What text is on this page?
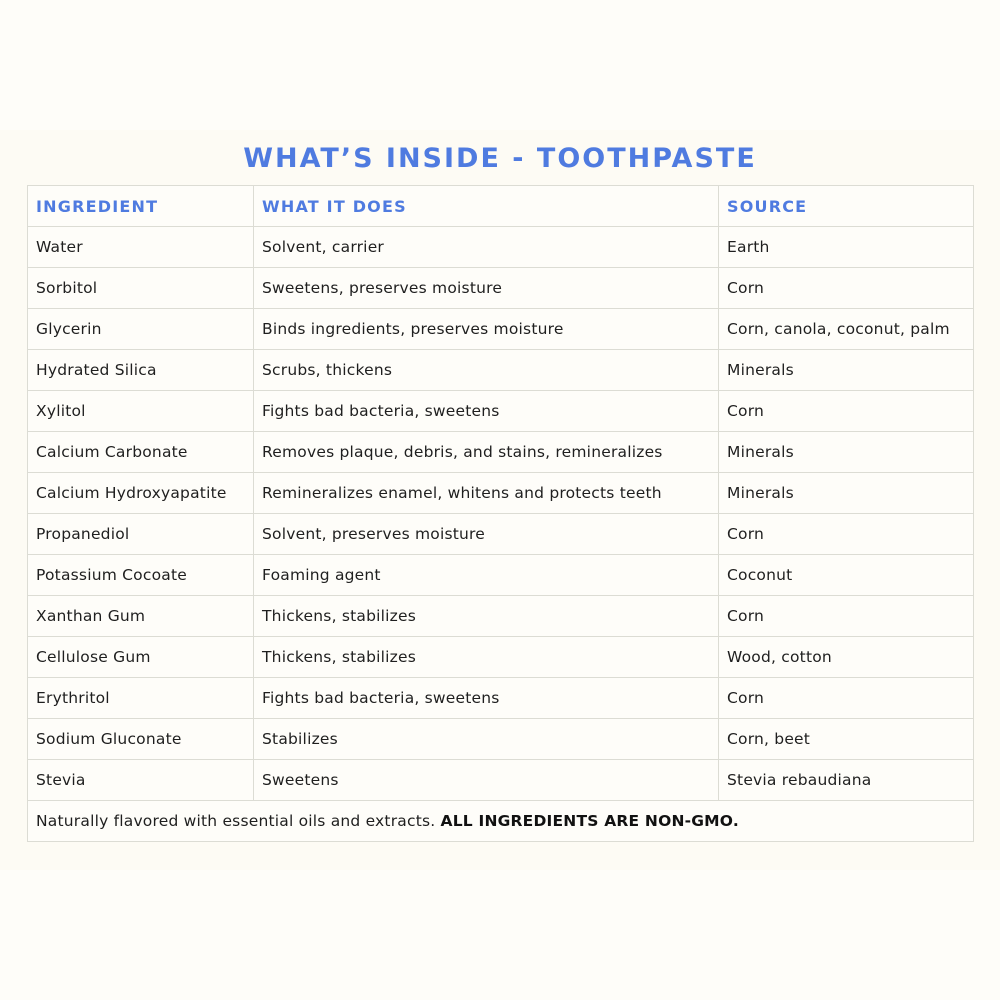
WHAT’S INSIDE - TOOTHPASTE
INGREDIENT	WHAT IT DOES	SOURCE
Water	Solvent, carrier	Earth
Sorbitol	Sweetens, preserves moisture	Corn
Glycerin	Binds ingredients, preserves moisture	Corn, canola, coconut, palm
Hydrated Silica	Scrubs, thickens	Minerals
Xylitol	Fights bad bacteria, sweetens	Corn
Calcium Carbonate	Removes plaque, debris, and stains, remineralizes	Minerals
Calcium Hydroxyapatite	Remineralizes enamel, whitens and protects teeth	Minerals
Propanediol	Solvent, preserves moisture	Corn
Potassium Cocoate	Foaming agent	Coconut
Xanthan Gum	Thickens, stabilizes	Corn
Cellulose Gum	Thickens, stabilizes	Wood, cotton
Erythritol	Fights bad bacteria, sweetens	Corn
Sodium Gluconate	Stabilizes	Corn, beet
Stevia	Sweetens	Stevia rebaudiana
Naturally flavored with essential oils and extracts. ALL INGREDIENTS ARE NON-GMO.		
